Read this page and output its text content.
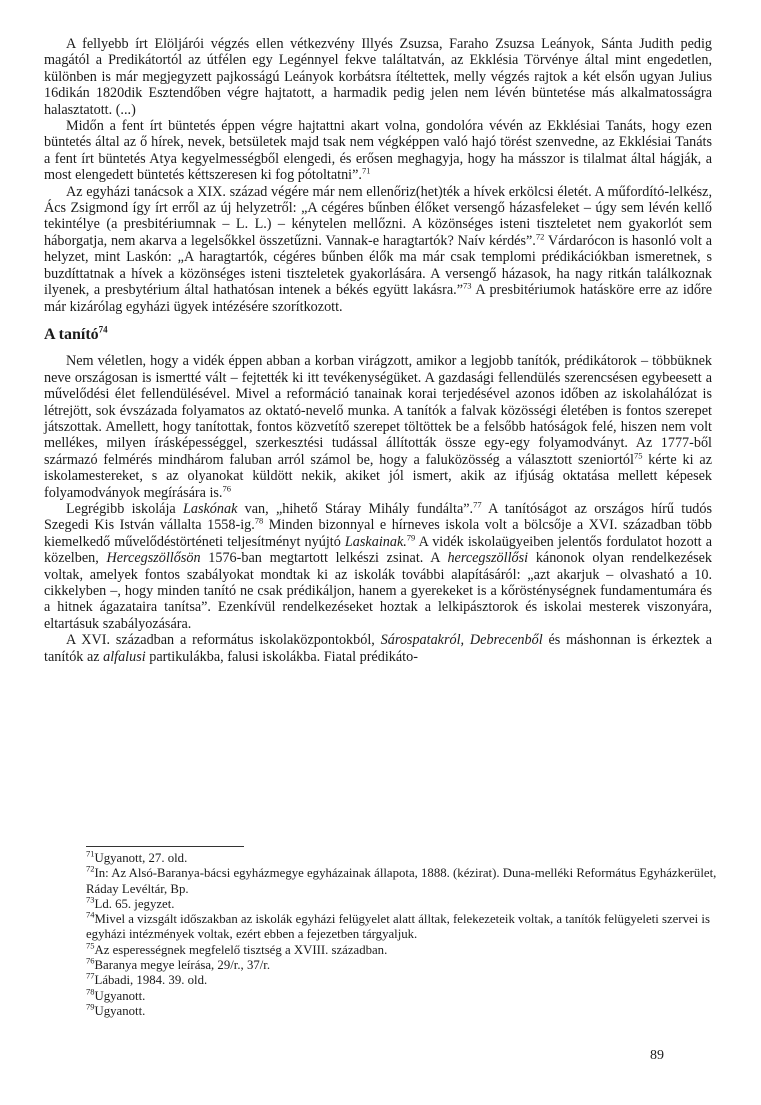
A fellyebb írt Elöljárói végzés ellen vétkezvény Illyés Zsuzsa, Faraho Zsuzsa Leányok, Sánta Judith pedig magától a Predikátortól az útfélen egy Legénnyel fekve találtatván, az Ekklésia Törvénye által mint engedetlen, különben is már megjegyzett pajkosságú Leányok korbátsra ítéltettek, melly végzés rajtok a két elsőn ugyan Julius 16dikán 1820dik Esztendőben végre hajtatott, a harmadik pedig jelen nem lévén büntetése más alkalmatosságra halasztatott. (...)

Midőn a fent írt büntetés éppen végre hajtattni akart volna, gondolóra vévén az Ekklésiai Tanáts, hogy ezen büntetés által az ő hírek, nevek, betsületek majd tsak nem végképpen való hajó törést szenvedne, az Ekklésiai Tanáts a fent írt büntetés Atya kegyelmességből elengedi, és erősen meghagyja, hogy ha másszor is tilalmat által hágják, a most elengedett büntetés kéttszeresen ki fog pótoltatni”.$^{71}$

Az egyházi tanácsok a XIX. század végére már nem ellenőriz(het)ték a hívek erkölcsi életét. A műfordító-lelkész, Ács Zsigmond így írt erről az új helyzetről: „A cégéres bűnben élőket versengő házasfeleket – úgy sem lévén kellő tekintélye (a presbitériumnak – L. L.) – kénytelen mellőzni. A közönséges isteni tiszteletet nem gyakorlót sem háborgatja, nem akarva a legelsőkkel összetűzni. Vannak-e haragtartók? Naív kérdés”.$^{72}$ Várdarócon is hasonló volt a helyzet, mint Laskón: „A haragtartók, cégéres bűnben élők ma már csak templomi prédikációkban ismeretnek, s buzdíttatnak a hívek a közönséges isteni tiszteletek gyakorlására. A versengő házasok, ha nagy ritkán találkoznak ilyenek, a presbytérium által hathatósan intenek a békés együtt lakásra.”$^{73}$ A presbitériumok hatásköre erre az időre már kizárólag egyházi ügyek intézésére szorítkozott.

A tanító$^{74}$

Nem véletlen, hogy a vidék éppen abban a korban virágzott, amikor a legjobb tanítók, prédikátorok – többüknek neve országosan is ismertté vált – fejtették ki itt tevékenységüket. A gazdasági fellendülés szerencsésen egybeesett a művelődési élet fellendülésével. Mivel a reformáció tanainak korai terjedésével azonos időben az iskolahálózat is létrejött, sok évszázada folyamatos az oktató-nevelő munka. A tanítók a falvak közösségi életében is fontos szerepet játszottak. Amellett, hogy tanítottak, fontos közvetítő szerepet töltöttek be a felsőbb hatóságok felé, hiszen nem volt mellékes, milyen írásképességgel, szerkesztési tudással állították össze egy-egy folyamodványt. Az 1777-ből származó felmérés mindhárom faluban arról számol be, hogy a faluközösség a választott szeniortól$^{75}$ kérte ki az iskolamestereket, s az olyanokat küldött nekik, akiket jól ismert, akik az ifjúság oktatása mellett képesek folyamodványok megírására is.$^{76}$

Legrégibb iskolája Laskónak van, „hihető Stáray Mihály fundálta”.$^{77}$ A tanítóságot az országos hírű tudós Szegedi Kis István vállalta 1558-ig.$^{78}$ Minden bizonnyal e hírneves iskola volt a bölcsője a XVI. században több kiemelkedő művelődéstörténeti teljesítményt nyújtó Laskainak.$^{79}$ A vidék iskolaügyeiben jelentős fordulatot hozott a közelben, Hercegszöllősön 1576-ban megtartott lelkészi zsinat. A hercegszöllősi kánonok olyan rendelkezések voltak, amelyek fontos szabályokat mondtak ki az iskolák további alapításáról: „azt akarjuk – olvasható a 10. cikkelyben –, hogy minden tanító ne csak prédikáljon, hanem a gyerekeket is a kőrösténységnek fundamentumára és a hitnek ágazataira tanítsa”. Ezenkívül rendelkezéseket hoztak a lelkipásztorok és iskolai mesterek viszonyára, eltartásuk szabályozására.

A XVI. században a református iskolaközpontokból, Sárospatakról, Debrecenből és máshonnan is érkeztek a tanítók az alfalusi partikulákba, falusi iskolákba. Fiatal prédikáto-

$^{71}$Ugyanott, 27. old.
$^{72}$In: Az Alsó-Baranya-bácsi egyházmegye egyházainak állapota, 1888. (kézirat). Duna-melléki Református Egyházkerület, Ráday Levéltár, Bp.
$^{73}$Ld. 65. jegyzet.
$^{74}$Mivel a vizsgált időszakban az iskolák egyházi felügyelet alatt álltak, felekezeteik voltak, a tanítók felügyeleti szervei is egyházi intézmények voltak, ezért ebben a fejezetben tárgyaljuk.
$^{75}$Az esperességnek megfelelő tisztség a XVIII. században.
$^{76}$Baranya megye leírása, 29/r., 37/r.
$^{77}$Lábadi, 1984. 39. old.
$^{78}$Ugyanott.
$^{79}$Ugyanott.
89
